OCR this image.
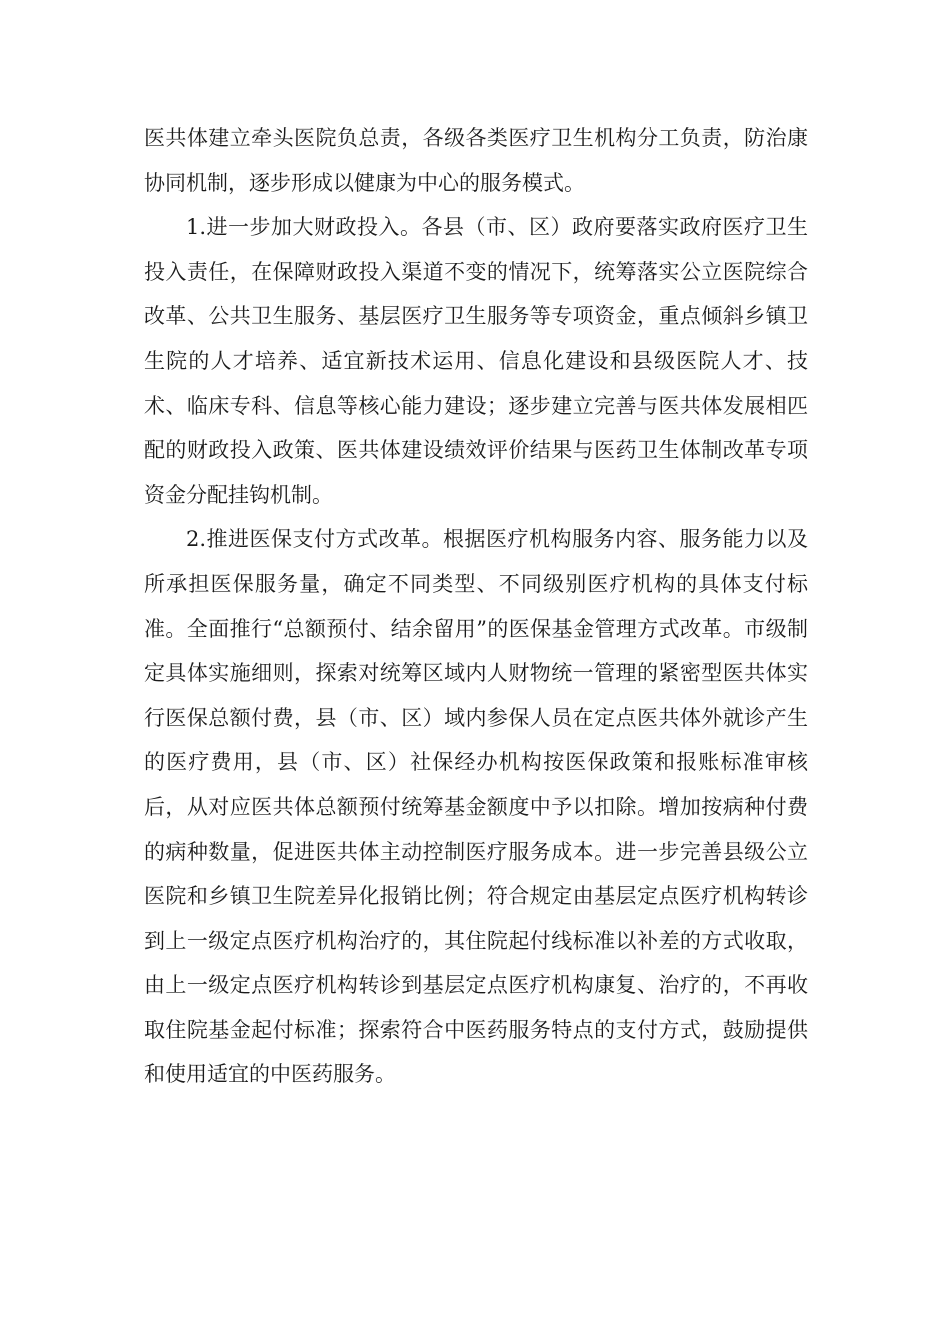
医共体建立牵头医院负总责，各级各类医疗卫生机构分工负责，防治康协同机制，逐步形成以健康为中心的服务模式。

1.进一步加大财政投入。各县（市、区）政府要落实政府医疗卫生投入责任，在保障财政投入渠道不变的情况下，统筹落实公立医院综合改革、公共卫生服务、基层医疗卫生服务等专项资金，重点倾斜乡镇卫生院的人才培养、适宜新技术运用、信息化建设和县级医院人才、技术、临床专科、信息等核心能力建设；逐步建立完善与医共体发展相匹配的财政投入政策、医共体建设绩效评价结果与医药卫生体制改革专项资金分配挂钩机制。

2.推进医保支付方式改革。根据医疗机构服务内容、服务能力以及所承担医保服务量，确定不同类型、不同级别医疗机构的具体支付标准。全面推行“总额预付、结余留用”的医保基金管理方式改革。市级制定具体实施细则，探索对统筹区域内人财物统一管理的紧密型医共体实行医保总额付费，县（市、区）域内参保人员在定点医共体外就诊产生的医疗费用，县（市、区）社保经办机构按医保政策和报账标准审核后，从对应医共体总额预付统筹基金额度中予以扣除。增加按病种付费的病种数量，促进医共体主动控制医疗服务成本。进一步完善县级公立医院和乡镇卫生院差异化报销比例；符合规定由基层定点医疗机构转诊到上一级定点医疗机构治疗的，其住院起付线标准以补差的方式收取，由上一级定点医疗机构转诊到基层定点医疗机构康复、治疗的，不再收取住院基金起付标准；探索符合中医药服务特点的支付方式，鼓励提供和使用适宜的中医药服务。
